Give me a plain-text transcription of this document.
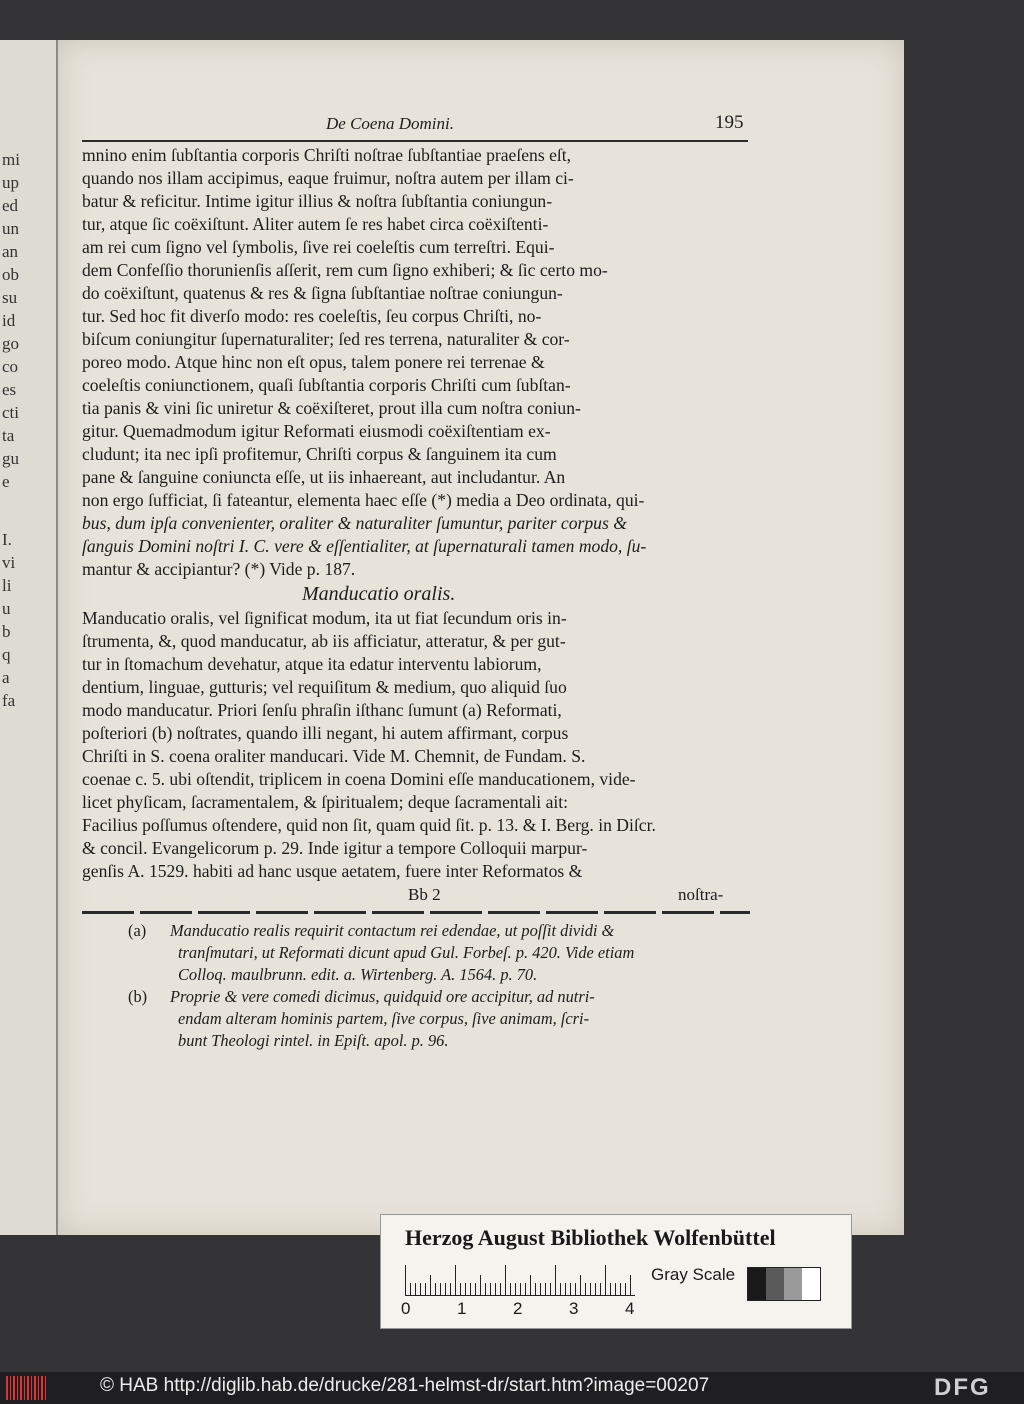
mi
up
ed
un
an
ob
su
id
go
co
es
cti
ta
gu
e
I.
vi
li
u
b
q
a
fa
De Coena Domini.	195
mnino enim ſubſtantia corporis Chriſti noſtrae ſubſtantiae praeſens eſt,
quando nos illam accipimus, eaque fruimur, noſtra autem per illam ci-
batur & reficitur. Intime igitur illius & noſtra ſubſtantia coniungun-
tur, atque ſic coëxiſtunt. Aliter autem ſe res habet circa coëxiſtenti-
am rei cum ſigno vel ſymbolis, ſive rei coeleſtis cum terreſtri. Equi-
dem Confeſſio thorunienſis aſſerit, rem cum ſigno exhiberi; & ſic certo mo-
do coëxiſtunt, quatenus & res & ſigna ſubſtantiae noſtrae coniungun-
tur. Sed hoc fit diverſo modo: res coeleſtis, ſeu corpus Chriſti, no-
biſcum coniungitur ſupernaturaliter; ſed res terrena, naturaliter & cor-
poreo modo. Atque hinc non eſt opus, talem ponere rei terrenae &
coeleſtis coniunctionem, quaſi ſubſtantia corporis Chriſti cum ſubſtan-
tia panis & vini ſic uniretur & coëxiſteret, prout illa cum noſtra coniun-
gitur. Quemadmodum igitur Reformati eiusmodi coëxiſtentiam ex-
cludunt; ita nec ipſi profitemur, Chriſti corpus & ſanguinem ita cum
pane & ſanguine coniuncta eſſe, ut iis inhaereant, aut includantur. An
non ergo ſufficiat, ſi fateantur, elementa haec eſſe (*) media a Deo ordinata, qui-
bus, dum ipſa convenienter, oraliter & naturaliter ſumuntur, pariter corpus &
ſanguis Domini noſtri I. C. vere & eſſentialiter, at ſupernaturali tamen modo, ſu-
mantur & accipiantur? (*) Vide p. 187.
Manducatio oralis.
Manducatio oralis, vel ſignificat modum, ita ut fiat ſecundum oris in-
ſtrumenta, &, quod manducatur, ab iis afficiatur, atteratur, & per gut-
tur in ſtomachum devehatur, atque ita edatur interventu labiorum,
dentium, linguae, gutturis; vel requiſitum & medium, quo aliquid ſuo
modo manducatur. Priori ſenſu phraſin iſthanc ſumunt (a) Reformati,
poſteriori (b) noſtrates, quando illi negant, hi autem affirmant, corpus
Chriſti in S. coena oraliter manducari. Vide M. Chemnit, de Fundam. S.
coenae c. 5. ubi oſtendit, triplicem in coena Domini eſſe manducationem, vide-
licet phyſicam, ſacramentalem, & ſpiritualem; deque ſacramentali ait:
Facilius poſſumus oſtendere, quid non ſit, quam quid ſit. p. 13. & I. Berg. in Diſcr.
& concil. Evangelicorum p. 29. Inde igitur a tempore Colloquii marpur-
genſis A. 1529. habiti ad hanc usque aetatem, fuere inter Reformatos &
Bb 2	noſtra-
(a) Manducatio realis requirit contactum rei edendae, ut poſſit dividi &
tranſmutari, ut Reformati dicunt apud Gul. Forbeſ. p. 420. Vide etiam
Colloq. maulbrunn. edit. a. Wirtenberg. A. 1564. p. 70.
(b) Proprie & vere comedi dicimus, quidquid ore accipitur, ad nutri-
endam alteram hominis partem, ſive corpus, ſive animam, ſcri-
bunt Theologi rintel. in Epiſt. apol. p. 96.
Herzog August Bibliothek Wolfenbüttel
0	1	2	3	4
Gray Scale
© HAB http://diglib.hab.de/drucke/281-helmst-dr/start.htm?image=00207	DFG
